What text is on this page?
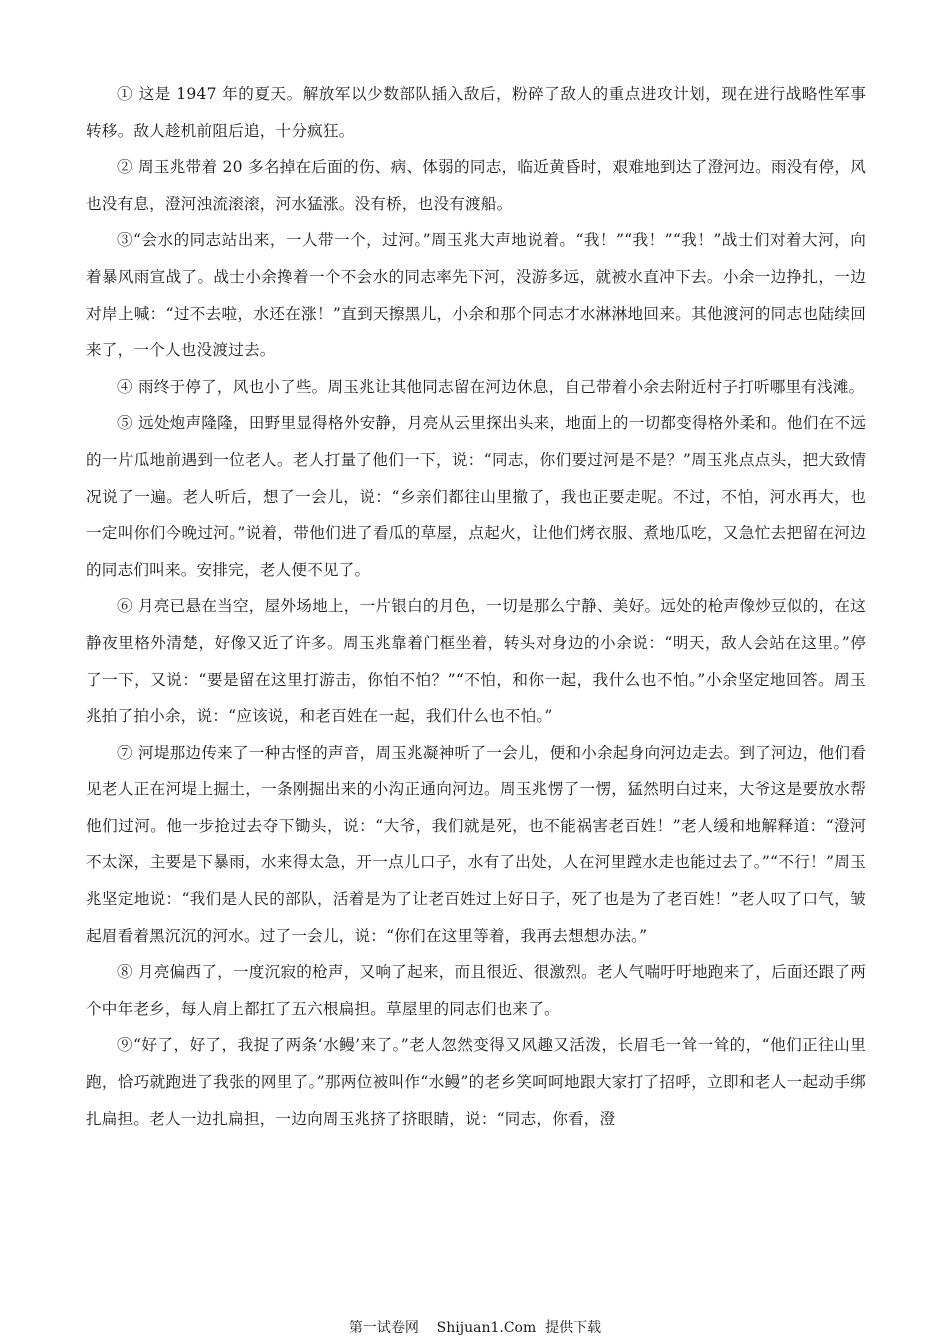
① 这是 1947 年的夏天。解放军以少数部队插入敌后，粉碎了敌人的重点进攻计划，现在进行战略性军事转移。敌人趁机前阻后追，十分疯狂。

② 周玉兆带着 20 多名掉在后面的伤、病、体弱的同志，临近黄昏时，艰难地到达了澄河边。雨没有停，风也没有息，澄河浊流滚滚，河水猛涨。没有桥，也没有渡船。

③“会水的同志站出来，一人带一个，过河。”周玉兆大声地说着。“我！”“我！”“我！”战士们对着大河，向着暴风雨宣战了。战士小余搀着一个不会水的同志率先下河，没游多远，就被水直冲下去。小余一边挣扎，一边对岸上喊：“过不去啦，水还在涨！”直到天擦黑儿，小余和那个同志才水淋淋地回来。其他渡河的同志也陆续回来了，一个人也没渡过去。

④ 雨终于停了，风也小了些。周玉兆让其他同志留在河边休息，自己带着小余去附近村子打听哪里有浅滩。

⑤ 远处炮声隆隆，田野里显得格外安静，月亮从云里探出头来，地面上的一切都变得格外柔和。他们在不远的一片瓜地前遇到一位老人。老人打量了他们一下，说：“同志，你们要过河是不是？”周玉兆点点头，把大致情况说了一遍。老人听后，想了一会儿，说：“乡亲们都往山里撤了，我也正要走呢。不过，不怕，河水再大，也一定叫你们今晚过河。”说着，带他们进了看瓜的草屋，点起火，让他们烤衣服、煮地瓜吃，又急忙去把留在河边的同志们叫来。安排完，老人便不见了。

⑥ 月亮已悬在当空，屋外场地上，一片银白的月色，一切是那么宁静、美好。远处的枪声像炒豆似的，在这静夜里格外清楚，好像又近了许多。周玉兆靠着门框坐着，转头对身边的小余说：“明天，敌人会站在这里。”停了一下，又说：“要是留在这里打游击，你怕不怕？”“不怕，和你一起，我什么也不怕。”小余坚定地回答。周玉兆拍了拍小余，说：“应该说，和老百姓在一起，我们什么也不怕。”

⑦ 河堤那边传来了一种古怪的声音，周玉兆凝神听了一会儿，便和小余起身向河边走去。到了河边，他们看见老人正在河堤上掘土，一条刚掘出来的小沟正通向河边。周玉兆愣了一愣，猛然明白过来，大爷这是要放水帮他们过河。他一步抢过去夺下锄头，说：“大爷，我们就是死，也不能祸害老百姓！”老人缓和地解释道：“澄河不太深，主要是下暴雨，水来得太急，开一点儿口子，水有了出处，人在河里蹚水走也能过去了。”“不行！”周玉兆坚定地说：“我们是人民的部队，活着是为了让老百姓过上好日子，死了也是为了老百姓！”老人叹了口气，皱起眉看着黑沉沉的河水。过了一会儿，说：“你们在这里等着，我再去想想办法。”

⑧ 月亮偏西了，一度沉寂的枪声，又响了起来，而且很近、很激烈。老人气喘吁吁地跑来了，后面还跟了两个中年老乡，每人肩上都扛了五六根扁担。草屋里的同志们也来了。

⑨“好了，好了，我捉了两条‘水鳗’来了。”老人忽然变得又风趣又活泼，长眉毛一耸一耸的，“他们正往山里跑，恰巧就跑进了我张的网里了。”那两位被叫作“水鳗”的老乡笑呵呵地跟大家打了招呼，立即和老人一起动手绑扎扁担。老人一边扎扁担，一边向周玉兆挤了挤眼睛，说：“同志，你看，澄

第一试卷网    Shijuan1.Com  提供下载
